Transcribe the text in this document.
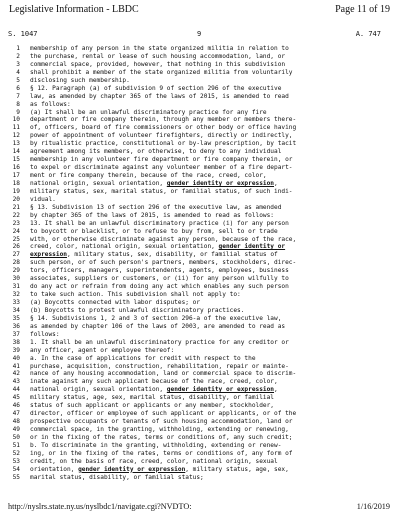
Legislative Information - LBDC	Page 11 of 19
S. 1047	9	A. 747
1 membership of any person in the state organized militia in relation to
2 the purchase, rental or lease of such housing accommodation, land, or
3 commercial space, provided, however, that nothing in this subdivision
4 shall prohibit a member of the state organized militia from voluntarily
5 disclosing such membership.
6 § 12. Paragraph (a) of subdivision 9 of section 296 of the executive
7 law, as amended by chapter 365 of the laws of 2015, is amended to read
8 as follows:
9 (a) It shall be an unlawful discriminatory practice for any fire
10 department or fire company therein, through any member or members there-
11 of, officers, board of fire commissioners or other body or office having
12 power of appointment of volunteer firefighters, directly or indirectly,
13 by ritualistic practice, constitutional or by-law prescription, by tacit
14 agreement among its members, or otherwise, to deny to any individual
15 membership in any volunteer fire department or fire company therein, or
16 to expel or discriminate against any volunteer member of a fire depart-
17 ment or fire company therein, because of the race, creed, color,
18 national origin, sexual orientation, gender identity or expression,
19 military status, sex, marital status, or familial status, of such indi-
20 vidual.
21 § 13. Subdivision 13 of section 296 of the executive law, as amended
22 by chapter 365 of the laws of 2015, is amended to read as follows:
23 13. It shall be an unlawful discriminatory practice (i) for any person
24 to boycott or blacklist, or to refuse to buy from, sell to or trade
25 with, or otherwise discriminate against any person, because of the race,
26 creed, color, national origin, sexual orientation, gender identity or
27 expression, military status, sex, disability, or familial status of
28 such person, or of such person's partners, members, stockholders, direc-
29 tors, officers, managers, superintendents, agents, employees, business
30 associates, suppliers or customers, or (ii) for any person wilfully to
31 do any act or refrain from doing any act which enables any such person
32 to take such action. This subdivision shall not apply to:
33 (a) Boycotts connected with labor disputes; or
34 (b) Boycotts to protest unlawful discriminatory practices.
35 § 14. Subdivisions 1, 2 and 3 of section 296-a of the executive law,
36 as amended by chapter 106 of the laws of 2003, are amended to read as
37 follows:
38 1. It shall be an unlawful discriminatory practice for any creditor or
39 any officer, agent or employee thereof:
40 a. In the case of applications for credit with respect to the
41 purchase, acquisition, construction, rehabilitation, repair or mainte-
42 nance of any housing accommodation, land or commercial space to discrim-
43 inate against any such applicant because of the race, creed, color,
44 national origin, sexual orientation, gender identity or expression,
45 military status, age, sex, marital status, disability, or familial
46 status of such applicant or applicants or any member, stockholder,
47 director, officer or employee of such applicant or applicants, or of the
48 prospective occupants or tenants of such housing accommodation, land or
49 commercial space, in the granting, withholding, extending or renewing,
50 or in the fixing of the rates, terms or conditions of, any such credit;
51 b. To discriminate in the granting, withholding, extending or renew-
52 ing, or in the fixing of the rates, terms or conditions of, any form of
53 credit, on the basis of race, creed, color, national origin, sexual
54 orientation, gender identity or expression, military status, age, sex,
55 marital status, disability, or familial status;
http://nyslrs.state.ny.us/nyslbdc1/navigate.cgi?NVDTO:	1/16/2019
